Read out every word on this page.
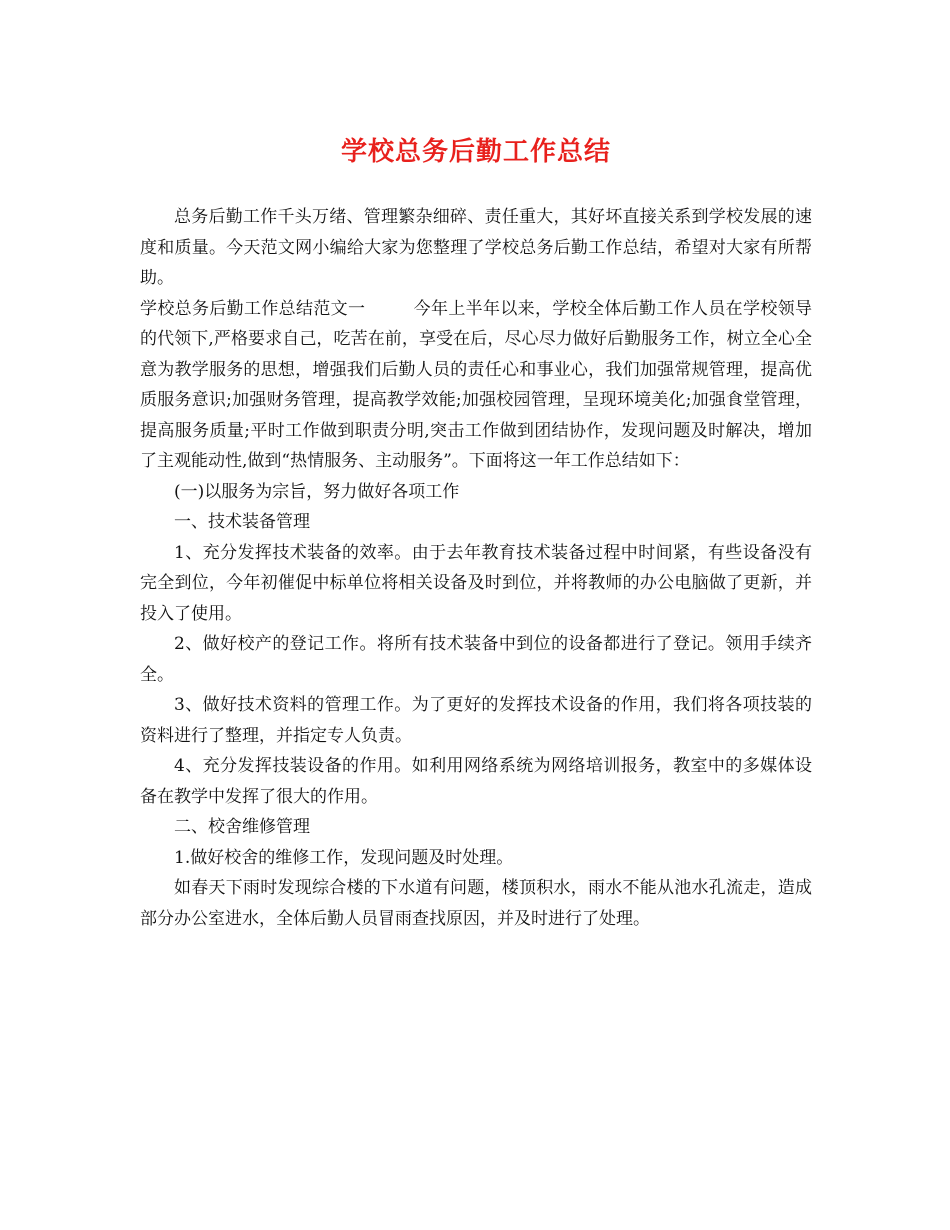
学校总务后勤工作总结

总务后勤工作千头万绪、管理繁杂细碎、责任重大，其好坏直接关系到学校发展的速度和质量。今天范文网小编给大家为您整理了学校总务后勤工作总结，希望对大家有所帮助。

学校总务后勤工作总结范文一	今年上半年以来，学校全体后勤工作人员在学校领导的代领下,严格要求自己，吃苦在前，享受在后，尽心尽力做好后勤服务工作，树立全心全意为教学服务的思想，增强我们后勤人员的责任心和事业心，我们加强常规管理，提高优质服务意识;加强财务管理，提高教学效能;加强校园管理，呈现环境美化;加强食堂管理，提高服务质量;平时工作做到职责分明,突击工作做到团结协作，发现问题及时解决，增加了主观能动性,做到“热情服务、主动服务”。下面将这一年工作总结如下：

(一)以服务为宗旨，努力做好各项工作

一、技术装备管理

1、充分发挥技术装备的效率。由于去年教育技术装备过程中时间紧，有些设备没有完全到位，今年初催促中标单位将相关设备及时到位，并将教师的办公电脑做了更新，并投入了使用。

2、做好校产的登记工作。将所有技术装备中到位的设备都进行了登记。领用手续齐全。

3、做好技术资料的管理工作。为了更好的发挥技术设备的作用，我们将各项技装的资料进行了整理，并指定专人负责。

4、充分发挥技装设备的作用。如利用网络系统为网络培训报务，教室中的多媒体设备在教学中发挥了很大的作用。

二、校舍维修管理

1.做好校舍的维修工作，发现问题及时处理。

如春天下雨时发现综合楼的下水道有问题，楼顶积水，雨水不能从池水孔流走，造成部分办公室进水，全体后勤人员冒雨查找原因，并及时进行了处理。
